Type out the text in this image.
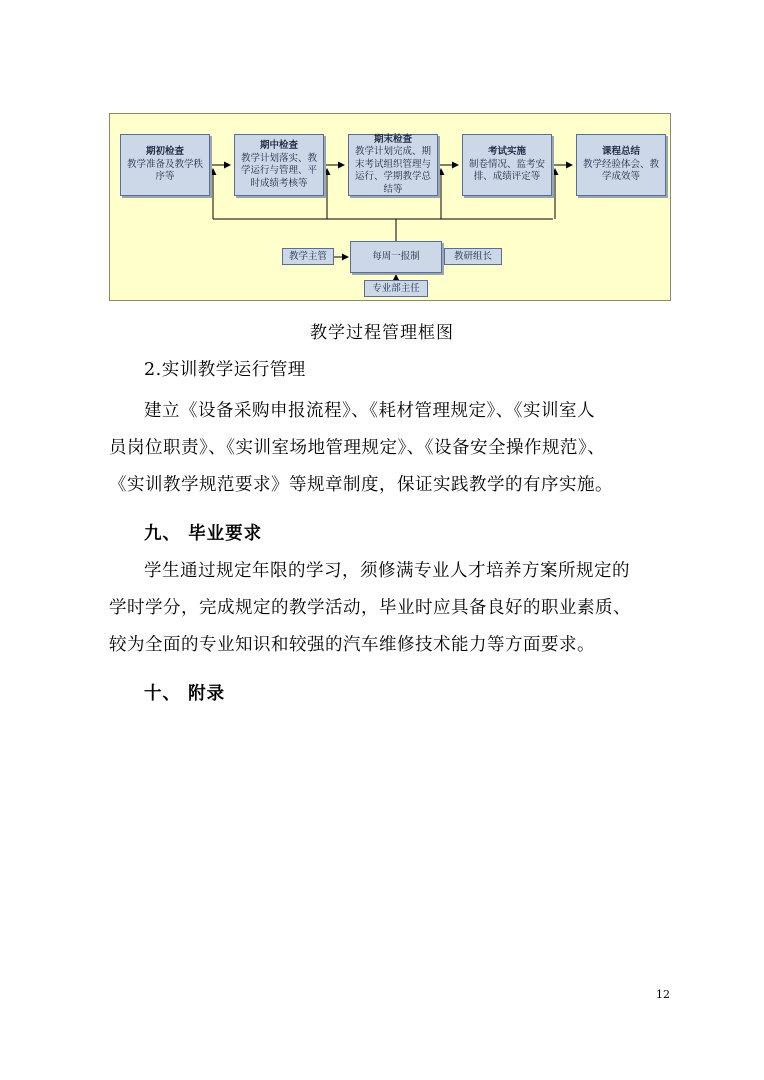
期初检查
教学准备及教学秩序等
期中检查
教学计划落实、教学运行与管理、平时成绩考核等
期末检查
教学计划完成、期末考试组织管理与运行、学期教学总结等
考试实施
制卷情况、监考安排、成绩评定等
课程总结
教学经验体会、教学成效等
每周一报制
教学主管	教研组长
专业部主任
教学过程管理框图
2.实训教学运行管理
建立《设备采购申报流程》、《耗材管理规定》、《实训室人
员岗位职责》、《实训室场地管理规定》、《设备安全操作规范》、
《实训教学规范要求》等规章制度，保证实践教学的有序实施。
九、 毕业要求
学生通过规定年限的学习，须修满专业人才培养方案所规定的
学时学分，完成规定的教学活动，毕业时应具备良好的职业素质、
较为全面的专业知识和较强的汽车维修技术能力等方面要求。
十、 附录
12
